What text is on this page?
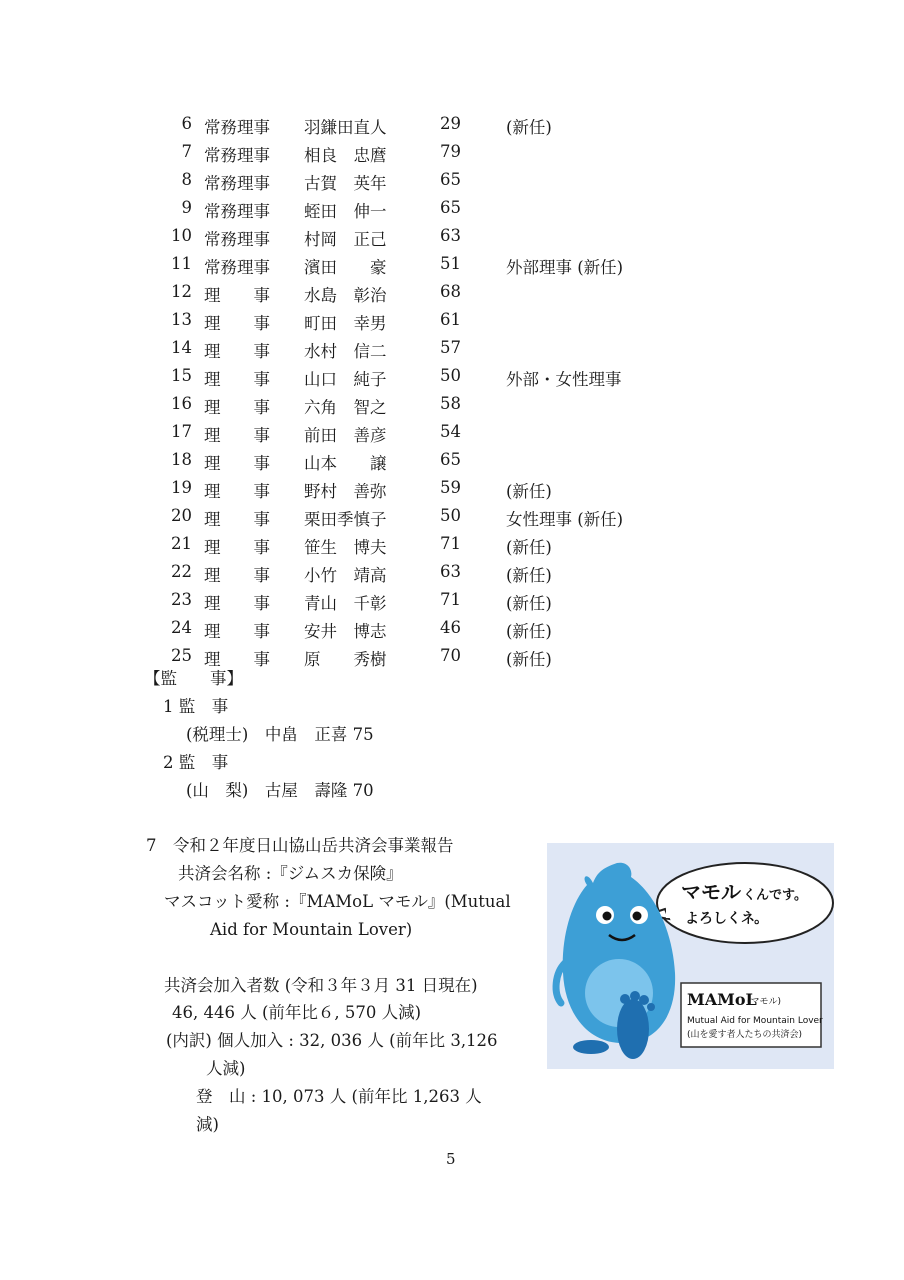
6 常務理事 羽鎌田直人	29	(新任)
7 常務理事 相良　忠麿	79
8 常務理事 古賀　英年	65
9 常務理事 蛭田　伸一	65
10 常務理事 村岡　正己	63
11 常務理事 濱田　　豪	51	外部理事 (新任)
12 理　　事 水島　彰治	68
13 理　　事 町田　幸男	61
14 理　　事 水村　信二	57
15 理　　事 山口　純子	50	外部・女性理事
16 理　　事 六角　智之	58
17 理　　事 前田　善彦	54
18 理　　事 山本　　譲	65
19 理　　事 野村　善弥	59	(新任)
20 理　　事 栗田季慎子	50	女性理事 (新任)
21 理　　事 笹生　博夫	71	(新任)
22 理　　事 小竹　靖高	63	(新任)
23 理　　事 青山　千彰	71	(新任)
24 理　　事 安井　博志	46	(新任)
25 理　　事 原　　秀樹	70	(新任)
【監　　事】
1 監　事
(税理士)　中畠　正喜 75
2 監　事
(山　梨)　古屋　壽隆 70
7　令和２年度日山協山岳共済会事業報告
共済会名称 :『ジムスカ保険』
マスコット愛称 :『MAMoL マモル』(Mutual
Aid for Mountain Lover)
共済会加入者数 (令和３年３月 31 日現在)
46, 446 人 (前年比６, 570 人減)
(内訳) 個人加入 : 32, 036 人 (前年比 3,126
人減)
登　山 : 10, 073 人 (前年比 1,263 人
減)
マモル くんです。
よろしくネ。
MAMoL
(マモル)
Mutual Aid for Mountain Lover
(山を愛す者人たちの共済会)
5
